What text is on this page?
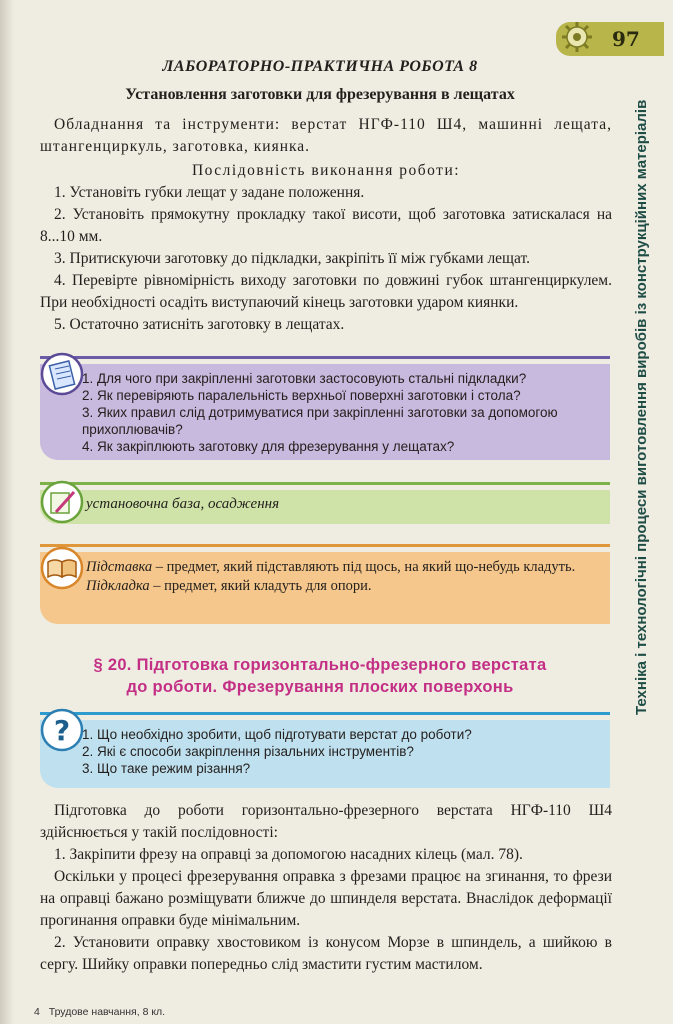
97
Техніка і технологічні процеси виготовлення виробів із конструкційних матеріалів
ЛАБОРАТОРНО-ПРАКТИЧНА РОБОТА 8
Установлення заготовки для фрезерування в лещатах

Обладнання та інструменти: верстат НГФ-110 Ш4, машинні лещата, штангенциркуль, заготовка, киянка.

Послідовність виконання роботи:

1. Установіть губки лещат у задане положення.

2. Установіть прямокутну прокладку такої висоти, щоб заготовка затискалася на 8...10 мм.

3. Притискуючи заготовку до підкладки, закріпіть її між губками лещат.

4. Перевірте рівномірність виходу заготовки по довжині губок штангенциркулем. При необхідності осадіть виступаючий кінець заготовки ударом киянки.

5. Остаточно затисніть заготовку в лещатах.

1. Для чого при закріпленні заготовки застосовують стальні підкладки?
2. Як перевіряють паралельність верхньої поверхні заготовки і стола?
3. Яких правил слід дотримуватися при закріпленні заготовки за допомогою прихоплювачів?
4. Як закріплюють заготовку для фрезерування у лещатах?
установочна база, осадження

Підставка – предмет, який підставляють під щось, на який що-небудь кладуть.

Підкладка – предмет, який кладуть для опори.

§ 20. Підготовка горизонтально-фрезерного верстата
до роботи. Фрезерування плоских поверхонь
? 1. Що необхідно зробити, щоб підготувати верстат до роботи?
2. Які є способи закріплення різальних інструментів?
3. Що таке режим різання?

Підготовка до роботи горизонтально-фрезерного верстата НГФ-110 Ш4 здійснюється у такій послідовності:

1. Закріпити фрезу на оправці за допомогою насадних кілець (мал. 78).

Оскільки у процесі фрезерування оправка з фрезами працює на згинання, то фрези на оправці бажано розміщувати ближче до шпинделя верстата. Внаслідок деформації прогинання оправки буде мінімальним.

2. Установити оправку хвостовиком із конусом Морзе в шпиндель, а шийкою в сергу. Шийку оправки попередньо слід змастити густим мастилом.

4 Трудове навчання, 8 кл.
